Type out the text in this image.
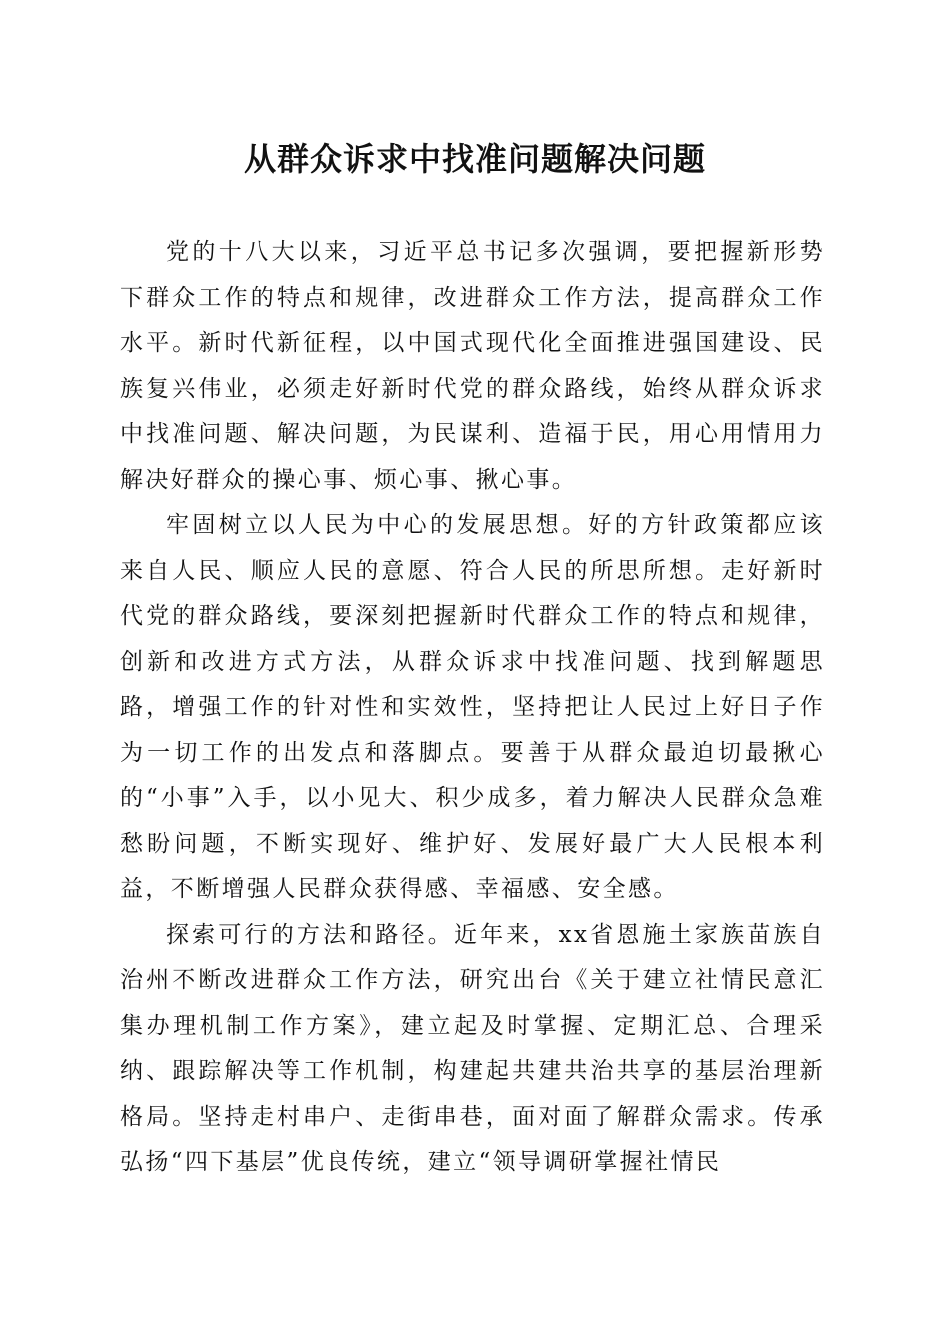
从群众诉求中找准问题解决问题

党的十八大以来，习近平总书记多次强调，要把握新形势下群众工作的特点和规律，改进群众工作方法，提高群众工作水平。新时代新征程，以中国式现代化全面推进强国建设、民族复兴伟业，必须走好新时代党的群众路线，始终从群众诉求中找准问题、解决问题，为民谋利、造福于民，用心用情用力解决好群众的操心事、烦心事、揪心事。

牢固树立以人民为中心的发展思想。好的方针政策都应该来自人民、顺应人民的意愿、符合人民的所思所想。走好新时代党的群众路线，要深刻把握新时代群众工作的特点和规律，创新和改进方式方法，从群众诉求中找准问题、找到解题思路，增强工作的针对性和实效性，坚持把让人民过上好日子作为一切工作的出发点和落脚点。要善于从群众最迫切最揪心的“小事”入手，以小见大、积少成多，着力解决人民群众急难愁盼问题，不断实现好、维护好、发展好最广大人民根本利益，不断增强人民群众获得感、幸福感、安全感。

探索可行的方法和路径。近年来，xx省恩施土家族苗族自治州不断改进群众工作方法，研究出台《关于建立社情民意汇集办理机制工作方案》，建立起及时掌握、定期汇总、合理采纳、跟踪解决等工作机制，构建起共建共治共享的基层治理新格局。坚持走村串户、走街串巷，面对面了解群众需求。传承弘扬“四下基层”优良传统，建立“领导调研掌握社情民
